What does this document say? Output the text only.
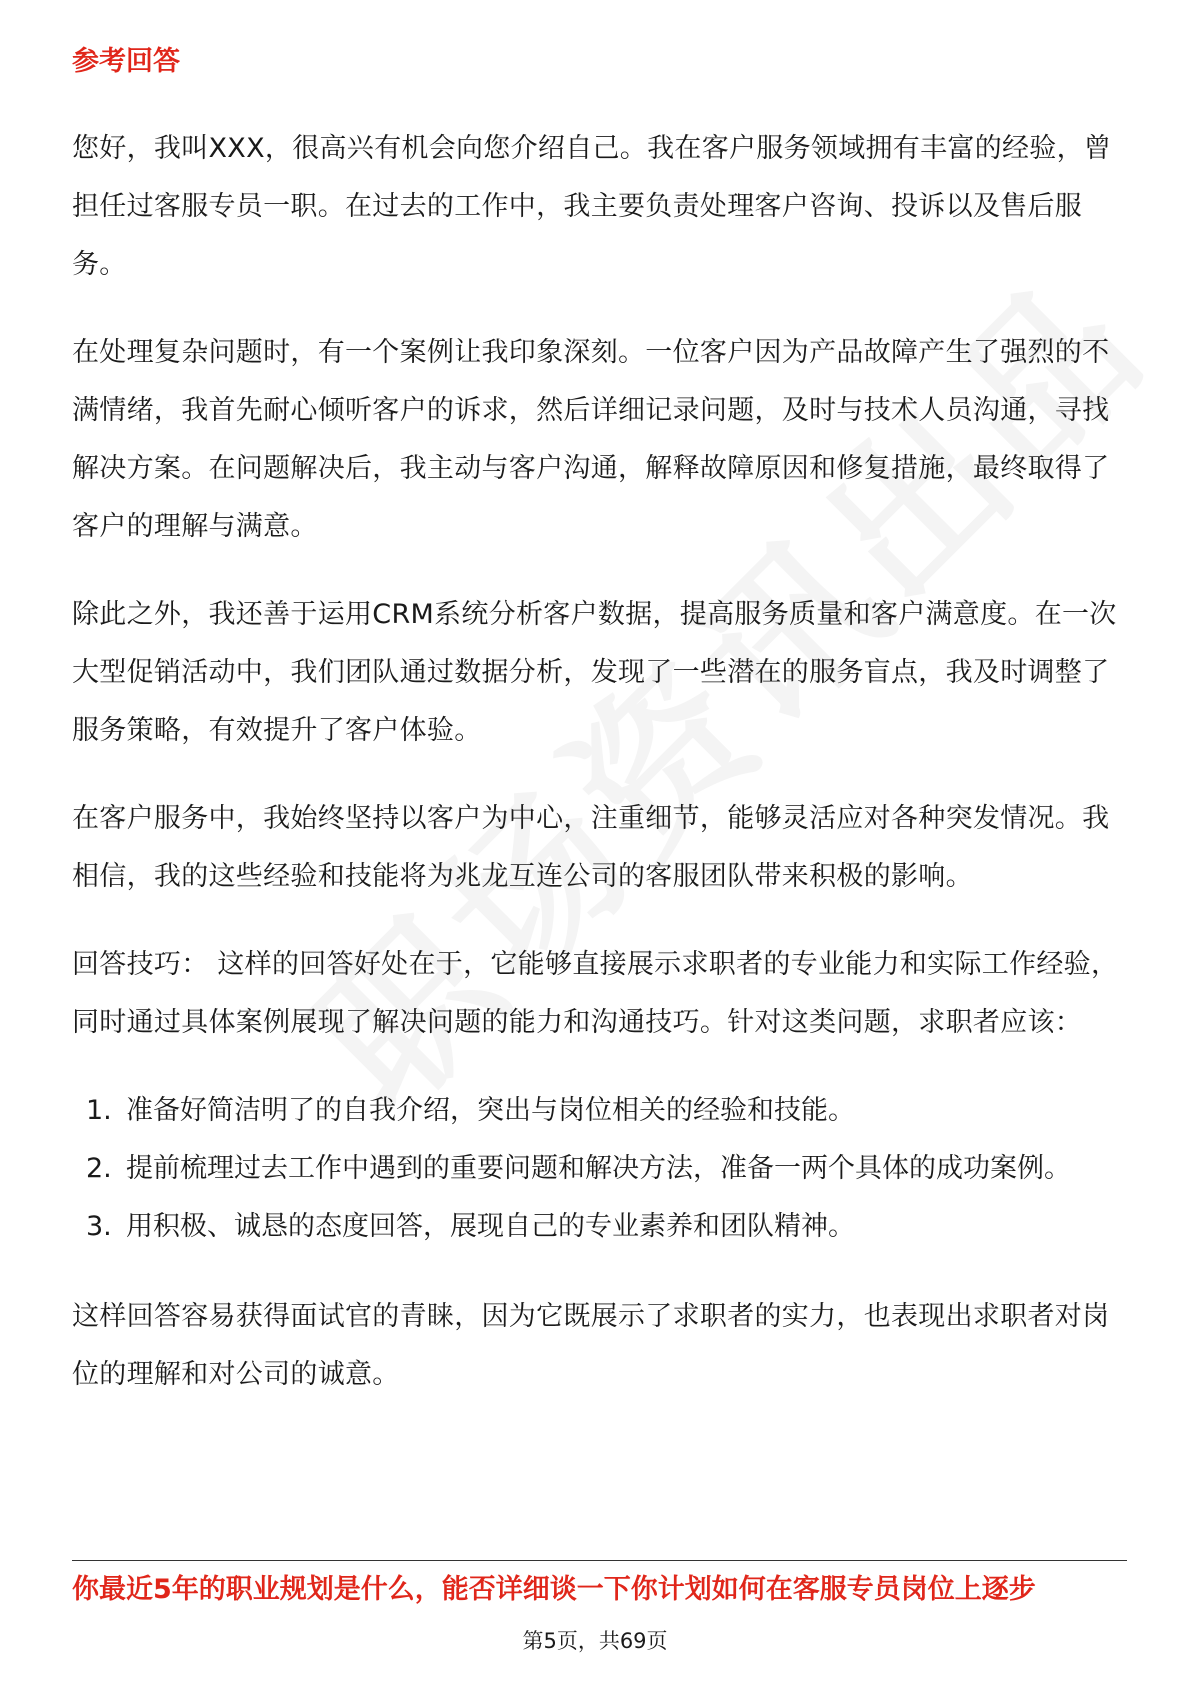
参考回答

您好，我叫XXX，很高兴有机会向您介绍自己。我在客户服务领域拥有丰富的经验，曾担任过客服专员一职。在过去的工作中，我主要负责处理客户咨询、投诉以及售后服务。

在处理复杂问题时，有一个案例让我印象深刻。一位客户因为产品故障产生了强烈的不满情绪，我首先耐心倾听客户的诉求，然后详细记录问题，及时与技术人员沟通，寻找解决方案。在问题解决后，我主动与客户沟通，解释故障原因和修复措施，最终取得了客户的理解与满意。

除此之外，我还善于运用CRM系统分析客户数据，提高服务质量和客户满意度。在一次大型促销活动中，我们团队通过数据分析，发现了一些潜在的服务盲点，我及时调整了服务策略，有效提升了客户体验。

在客户服务中，我始终坚持以客户为中心，注重细节，能够灵活应对各种突发情况。我相信，我的这些经验和技能将为兆龙互连公司的客服团队带来积极的影响。

回答技巧： 这样的回答好处在于，它能够直接展示求职者的专业能力和实际工作经验，同时通过具体案例展现了解决问题的能力和沟通技巧。针对这类问题，求职者应该：

1. 准备好简洁明了的自我介绍，突出与岗位相关的经验和技能。
2. 提前梳理过去工作中遇到的重要问题和解决方法，准备一两个具体的成功案例。
3. 用积极、诚恳的态度回答，展现自己的专业素养和团队精神。

这样回答容易获得面试官的青睐，因为它既展示了求职者的实力，也表现出求职者对岗位的理解和对公司的诚意。

你最近5年的职业规划是什么，能否详细谈一下你计划如何在客服专员岗位上逐步
第5页，共69页
